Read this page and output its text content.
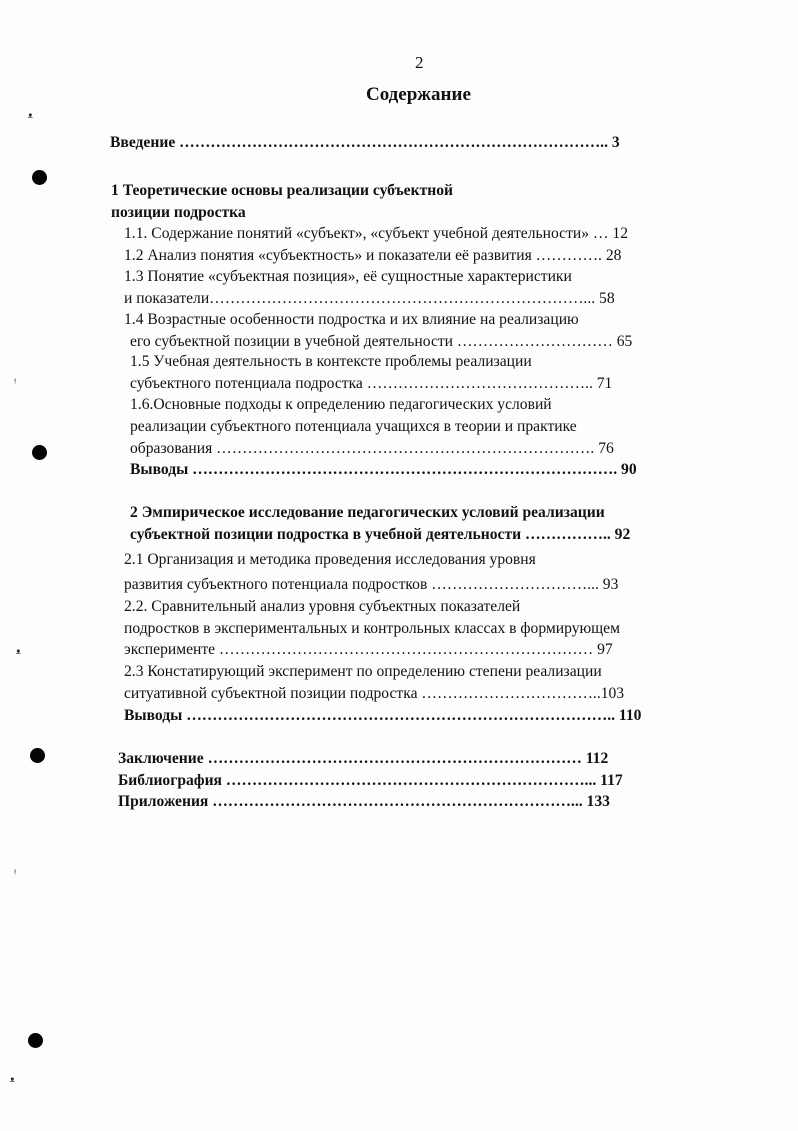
ᵜ
ᵎ
ᵜ
ᵎ
ᵜ
2
Содержание
Введение ……………………………………………………………………….. 3
1 Теоретические основы реализации субъектной
позиции подростка
1.1. Содержание понятий «субъект», «субъект учебной деятельности» … 12
1.2 Анализ понятия «субъектность» и показатели её развития …………. 28
1.3 Понятие «субъектная позиция», её сущностные характеристики
и показатели………………………………………………………………... 58
1.4 Возрастные особенности подростка и их влияние на реализацию
его субъектной позиции в учебной деятельности ………………………… 65
1.5 Учебная деятельность в контексте проблемы реализации
субъектного потенциала подростка …………………………………….. 71
1.6.Основные подходы к определению педагогических условий
реализации субъектного потенциала учащихся в теории и практике
образования ………………………………………………………………. 76
Выводы ………………………………………………………………………. 90
2 Эмпирическое исследование педагогических условий реализации
субъектной позиции подростка в учебной деятельности …………….. 92
2.1 Организация и методика проведения исследования уровня
развития субъектного потенциала подростков …………………………... 93
2.2. Сравнительный анализ уровня субъектных показателей
подростков в экспериментальных и контрольных классах в формирующем
эксперименте ……………………………………………………………… 97
2.3 Констатирующий эксперимент по определению степени реализации
ситуативной субъектной позиции подростка ……………………………..103
Выводы ……………………………………………………………………….. 110
Заключение ……………………………………………………………… 112
Библиография ……………………………………………………………... 117
Приложения ……………………………………………………………... 133
